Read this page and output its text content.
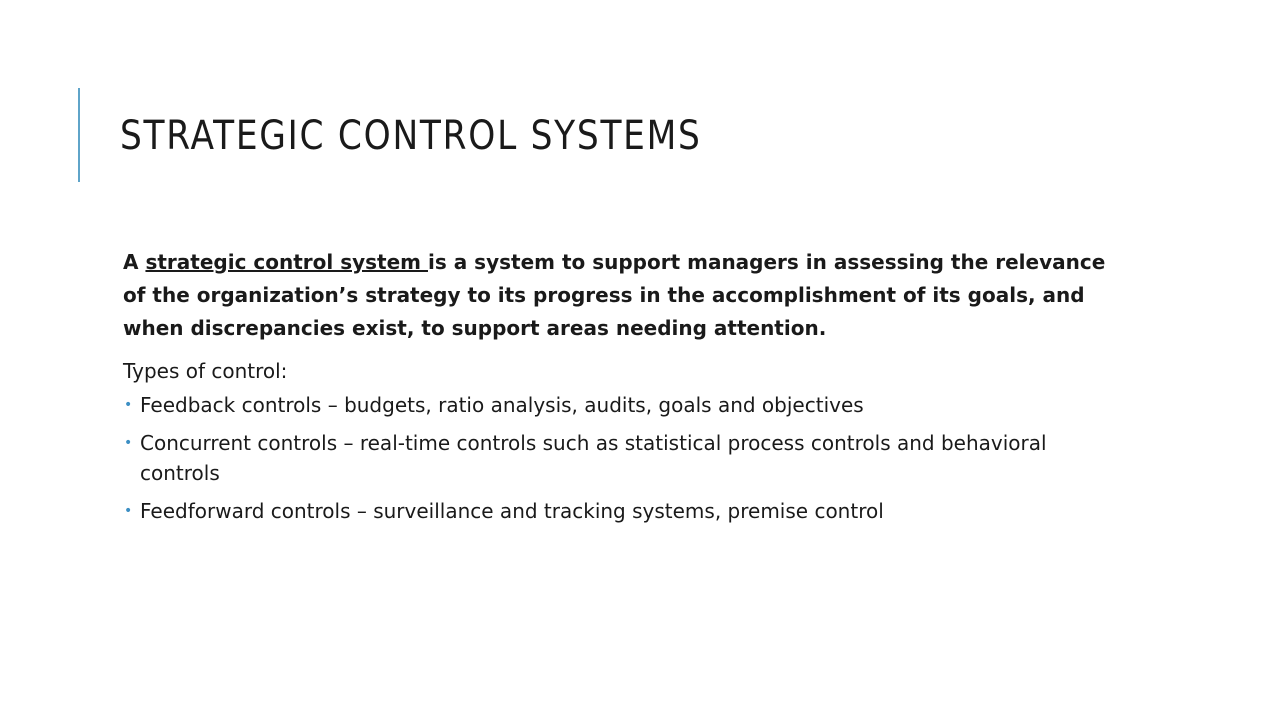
STRATEGIC CONTROL SYSTEMS

A strategic control system is a system to support managers in assessing the relevance of the organization’s strategy to its progress in the accomplishment of its goals, and when discrepancies exist, to support areas needing attention.

Types of control:

• Feedback controls – budgets, ratio analysis, audits, goals and objectives
• Concurrent controls – real-time controls such as statistical process controls and behavioral controls
• Feedforward controls – surveillance and tracking systems, premise control
